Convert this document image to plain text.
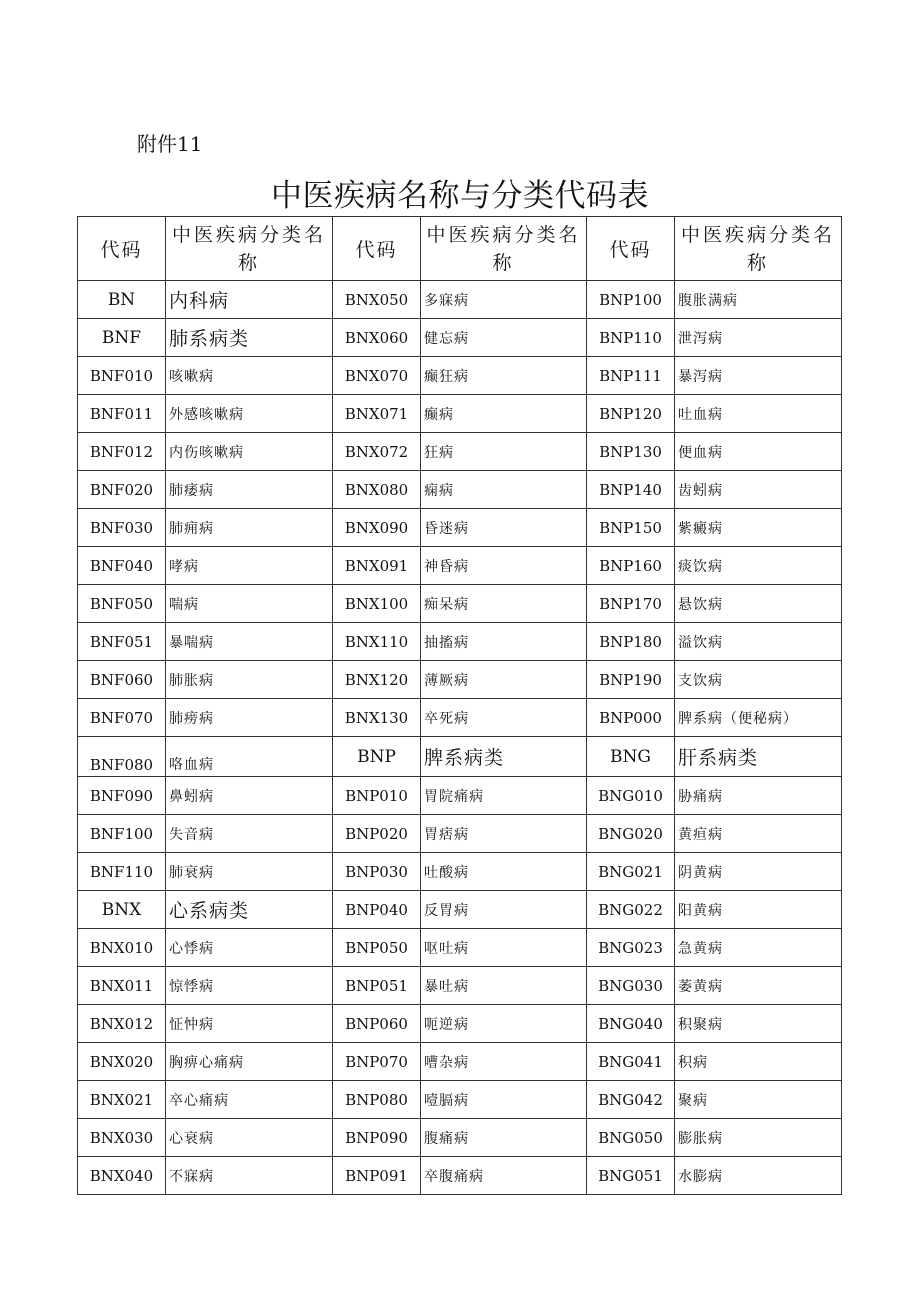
附件11
中医疾病名称与分类代码表
代码	中医疾病分类名称	代码	中医疾病分类名称	代码	中医疾病分类名称
BN	内科病	BNX050	多寐病	BNP100	腹胀满病
BNF	肺系病类	BNX060	健忘病	BNP110	泄泻病
BNF010	咳嗽病	BNX070	癫狂病	BNP111	暴泻病
BNF011	外感咳嗽病	BNX071	癫病	BNP120	吐血病
BNF012	内伤咳嗽病	BNX072	狂病	BNP130	便血病
BNF020	肺痿病	BNX080	痫病	BNP140	齿蚓病
BNF030	肺痈病	BNX090	昏迷病	BNP150	紫癜病
BNF040	哮病	BNX091	神昏病	BNP160	痰饮病
BNF050	喘病	BNX100	痴呆病	BNP170	悬饮病
BNF051	暴喘病	BNX110	抽搐病	BNP180	溢饮病
BNF060	肺胀病	BNX120	薄厥病	BNP190	支饮病
BNF070	肺痨病	BNX130	卒死病	BNP000	脾系病（便秘病）
BNF080	咯血病	BNP	脾系病类	BNG	肝系病类
BNF090	鼻蚓病	BNP010	胃院痛病	BNG010	胁痛病
BNF100	失音病	BNP020	胃痞病	BNG020	黄疸病
BNF110	肺衰病	BNP030	吐酸病	BNG021	阴黄病
BNX	心系病类	BNP040	反胃病	BNG022	阳黄病
BNX010	心悸病	BNP050	呕吐病	BNG023	急黄病
BNX011	惊悸病	BNP051	暴吐病	BNG030	萎黄病
BNX012	怔忡病	BNP060	呃逆病	BNG040	积聚病
BNX020	胸痹心痛病	BNP070	嘈杂病	BNG041	积病
BNX021	卒心痛病	BNP080	噎膈病	BNG042	聚病
BNX030	心衰病	BNP090	腹痛病	BNG050	膨胀病
BNX040	不寐病	BNP091	卒腹痛病	BNG051	水膨病
